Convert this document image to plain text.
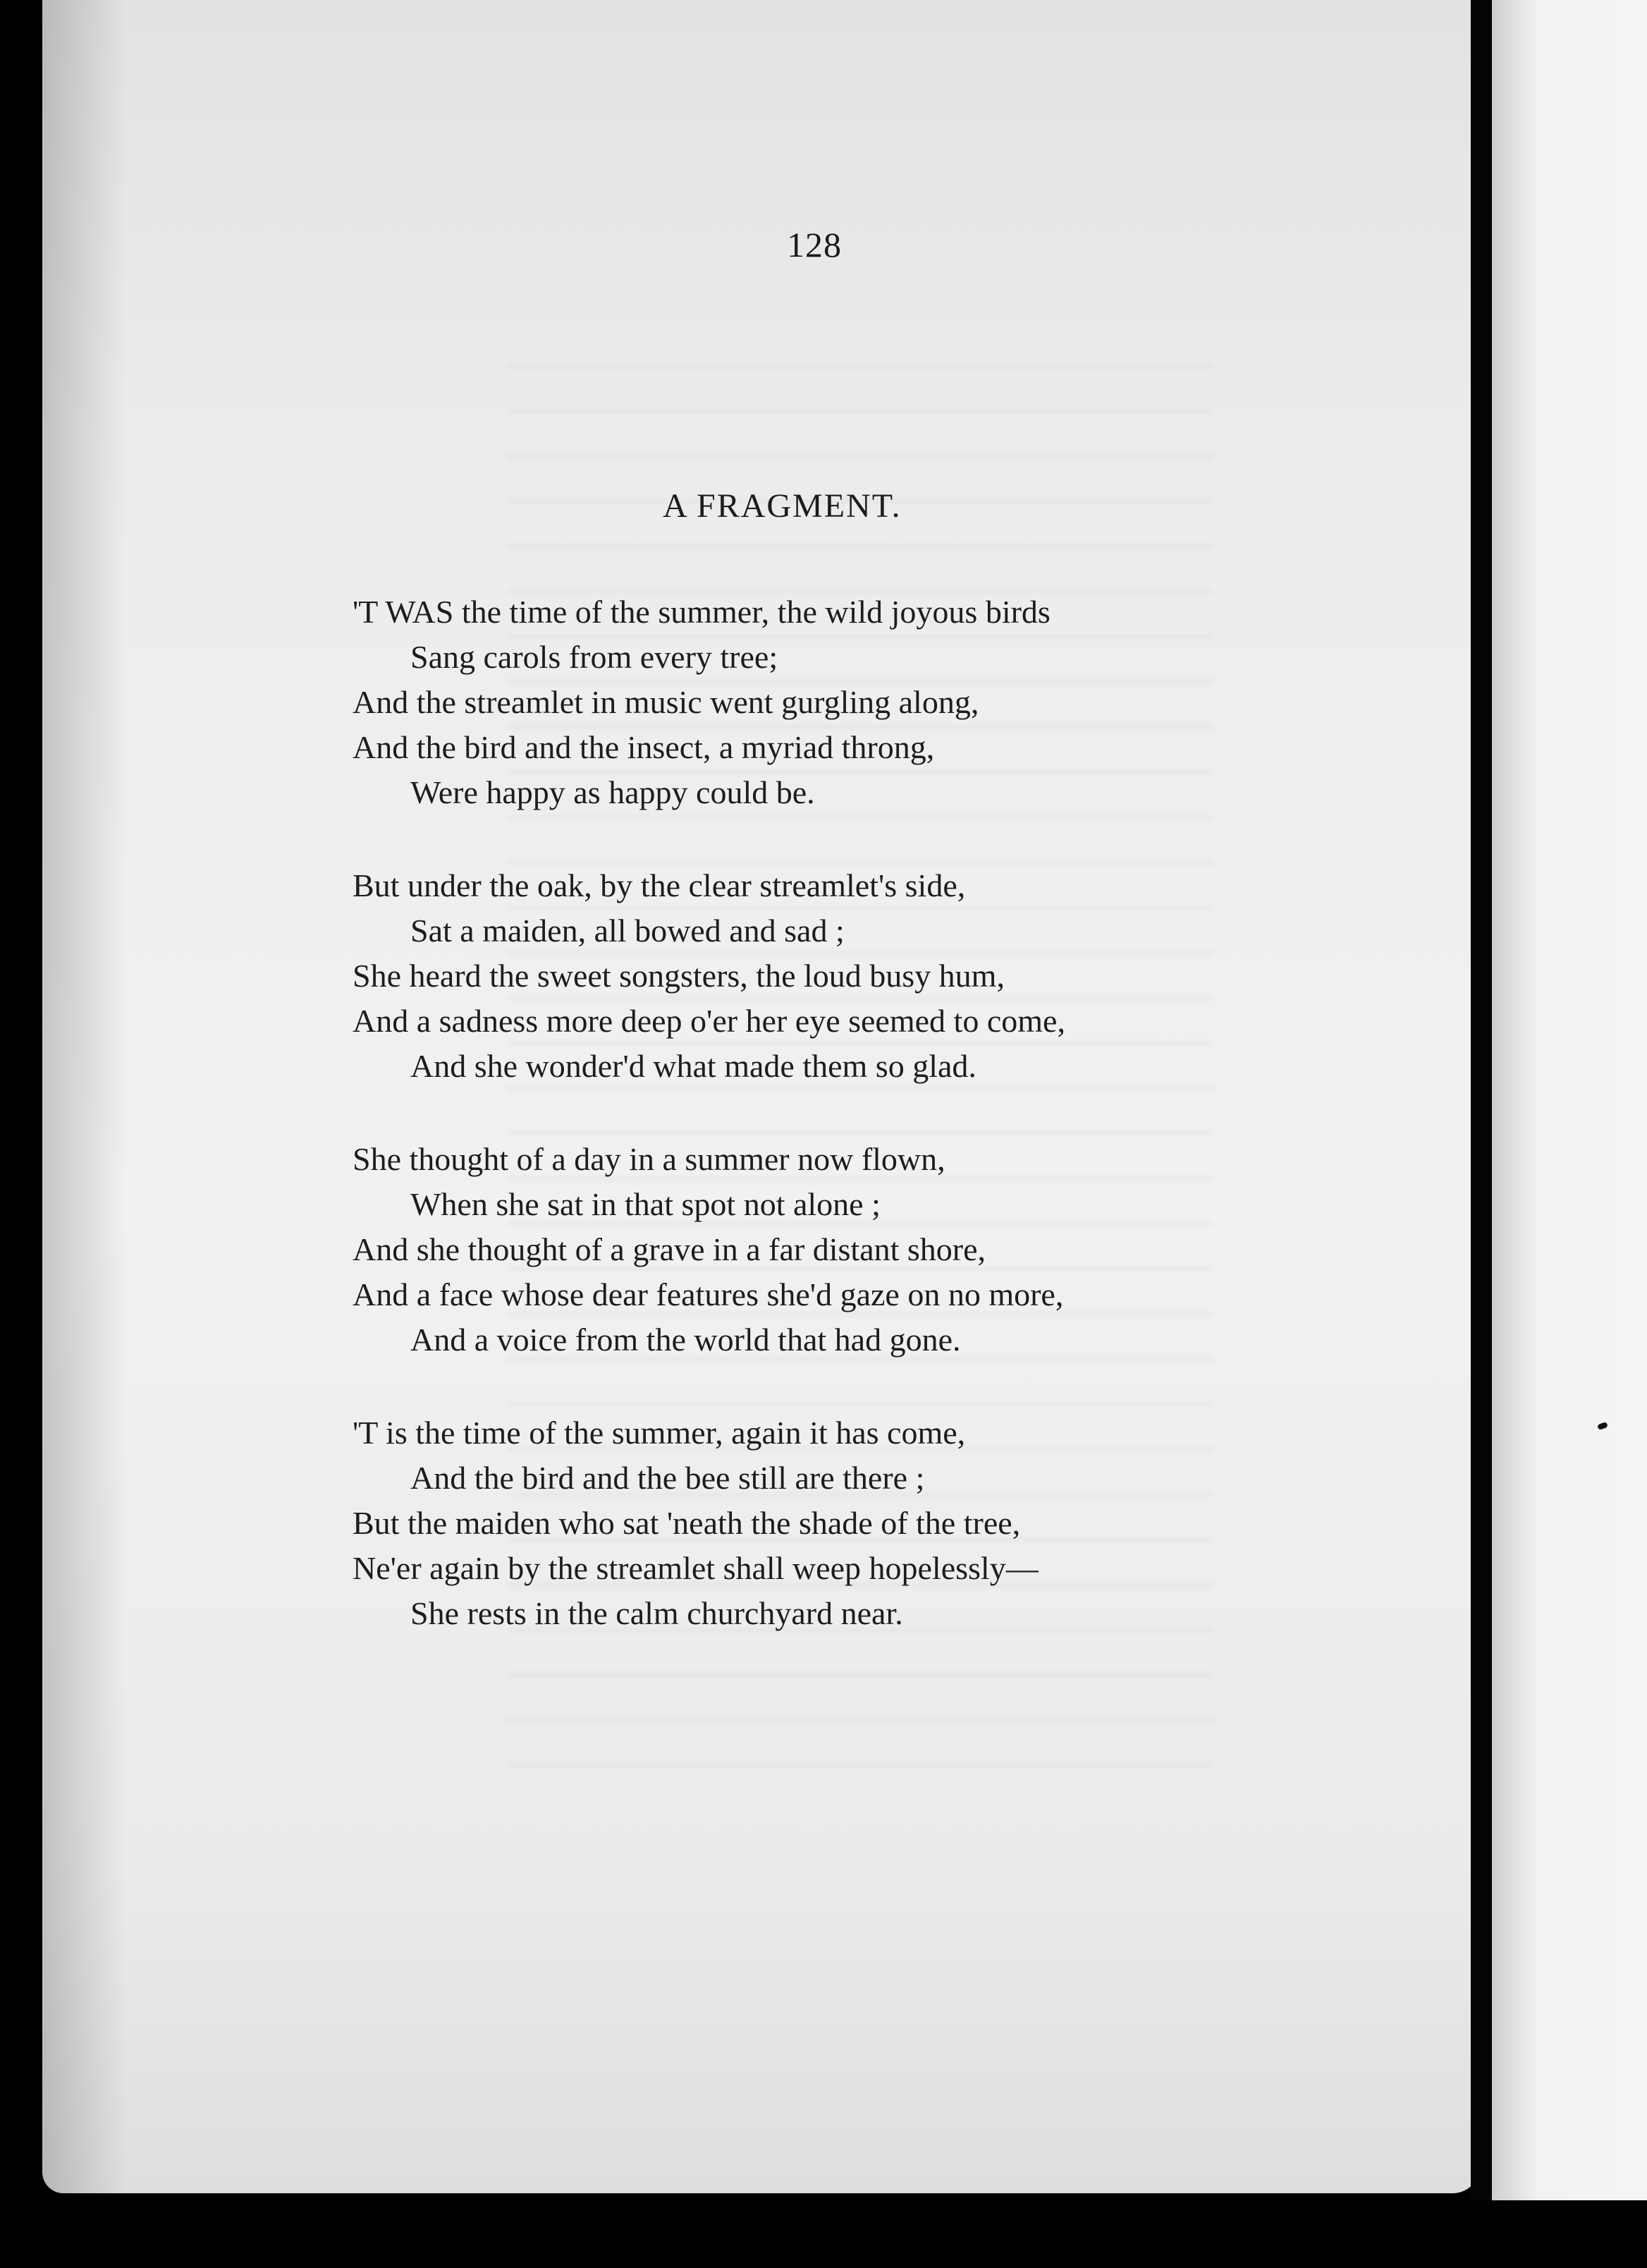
128
A FRAGMENT.
'T WAS the time of the summer, the wild joyous birds
Sang carols from every tree;
And the streamlet in music went gurgling along,
And the bird and the insect, a myriad throng,
Were happy as happy could be.
But under the oak, by the clear streamlet's side,
Sat a maiden, all bowed and sad ;
She heard the sweet songsters, the loud busy hum,
And a sadness more deep o'er her eye seemed to come,
And she wonder'd what made them so glad.
She thought of a day in a summer now flown,
When she sat in that spot not alone ;
And she thought of a grave in a far distant shore,
And a face whose dear features she'd gaze on no more,
And a voice from the world that had gone.
'T is the time of the summer, again it has come,
And the bird and the bee still are there ;
But the maiden who sat 'neath the shade of the tree,
Ne'er again by the streamlet shall weep hopelessly—
She rests in the calm churchyard near.
